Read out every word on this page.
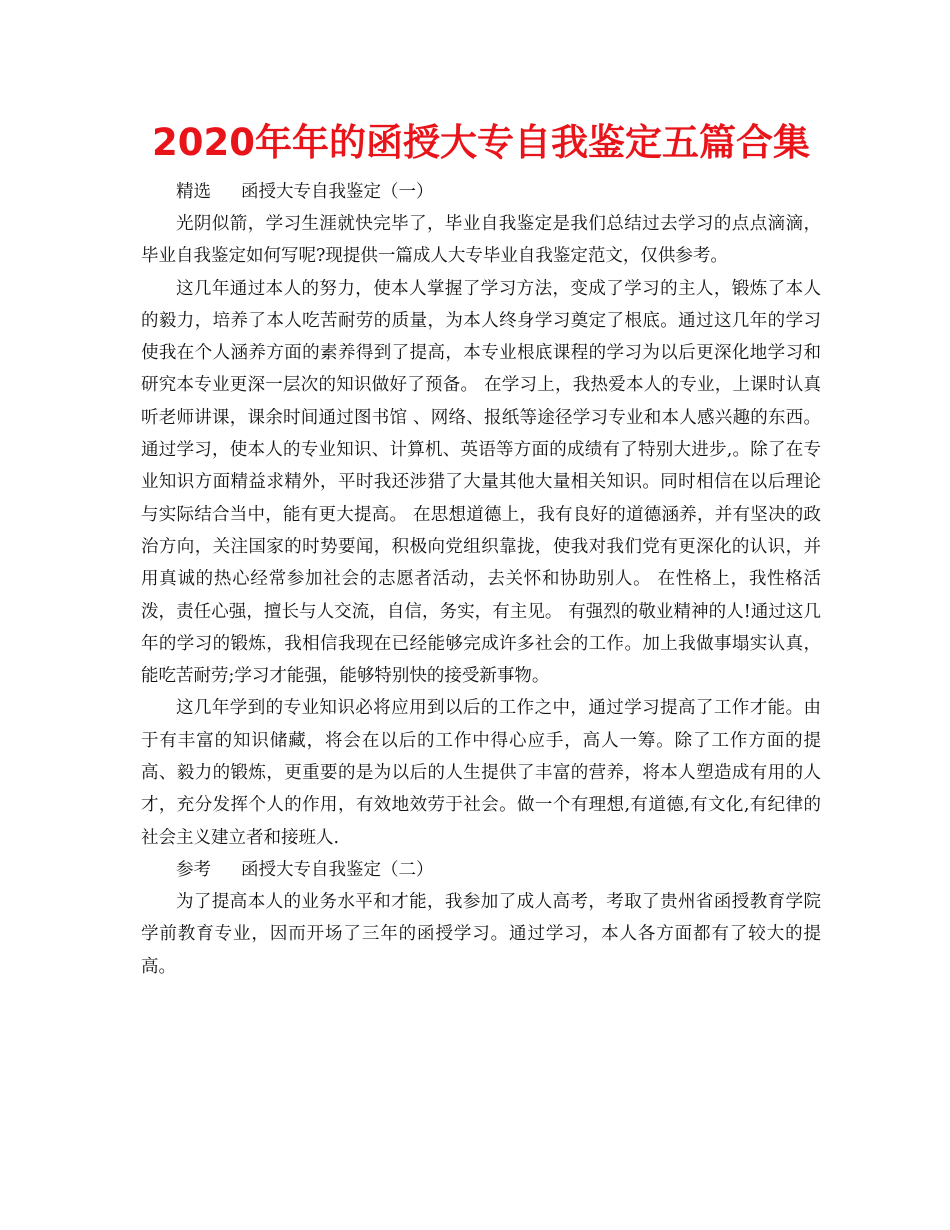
2020年年的函授大专自我鉴定五篇合集

精选 函授大专自我鉴定（一）

光阴似箭，学习生涯就快完毕了，毕业自我鉴定是我们总结过去学习的点点滴滴，毕业自我鉴定如何写呢?现提供一篇成人大专毕业自我鉴定范文，仅供参考。

这几年通过本人的努力，使本人掌握了学习方法，变成了学习的主人，锻炼了本人的毅力，培养了本人吃苦耐劳的质量，为本人终身学习奠定了根底。通过这几年的学习使我在个人涵养方面的素养得到了提高，本专业根底课程的学习为以后更深化地学习和研究本专业更深一层次的知识做好了预备。 在学习上，我热爱本人的专业，上课时认真听老师讲课，课余时间通过图书馆 、网络、报纸等途径学习专业和本人感兴趣的东西。通过学习，使本人的专业知识、计算机、英语等方面的成绩有了特别大进步,。除了在专业知识方面精益求精外，平时我还涉猎了大量其他大量相关知识。同时相信在以后理论与实际结合当中，能有更大提高。 在思想道德上，我有良好的道德涵养，并有坚决的政治方向，关注国家的时势要闻，积极向党组织靠拢，使我对我们党有更深化的认识，并用真诚的热心经常参加社会的志愿者活动，去关怀和协助别人。 在性格上，我性格活泼，责任心强，擅长与人交流，自信，务实，有主见。 有强烈的敬业精神的人!通过这几年的学习的锻炼，我相信我现在已经能够完成许多社会的工作。加上我做事塌实认真，能吃苦耐劳;学习才能强，能够特别快的接受新事物。

这几年学到的专业知识必将应用到以后的工作之中，通过学习提高了工作才能。由于有丰富的知识储藏，将会在以后的工作中得心应手，高人一筹。除了工作方面的提高、毅力的锻炼，更重要的是为以后的人生提供了丰富的营养，将本人塑造成有用的人才，充分发挥个人的作用，有效地效劳于社会。做一个有理想,有道德,有文化,有纪律的社会主义建立者和接班人.

参考 函授大专自我鉴定（二）

为了提高本人的业务水平和才能，我参加了成人高考，考取了贵州省函授教育学院学前教育专业，因而开场了三年的函授学习。通过学习，本人各方面都有了较大的提高。
